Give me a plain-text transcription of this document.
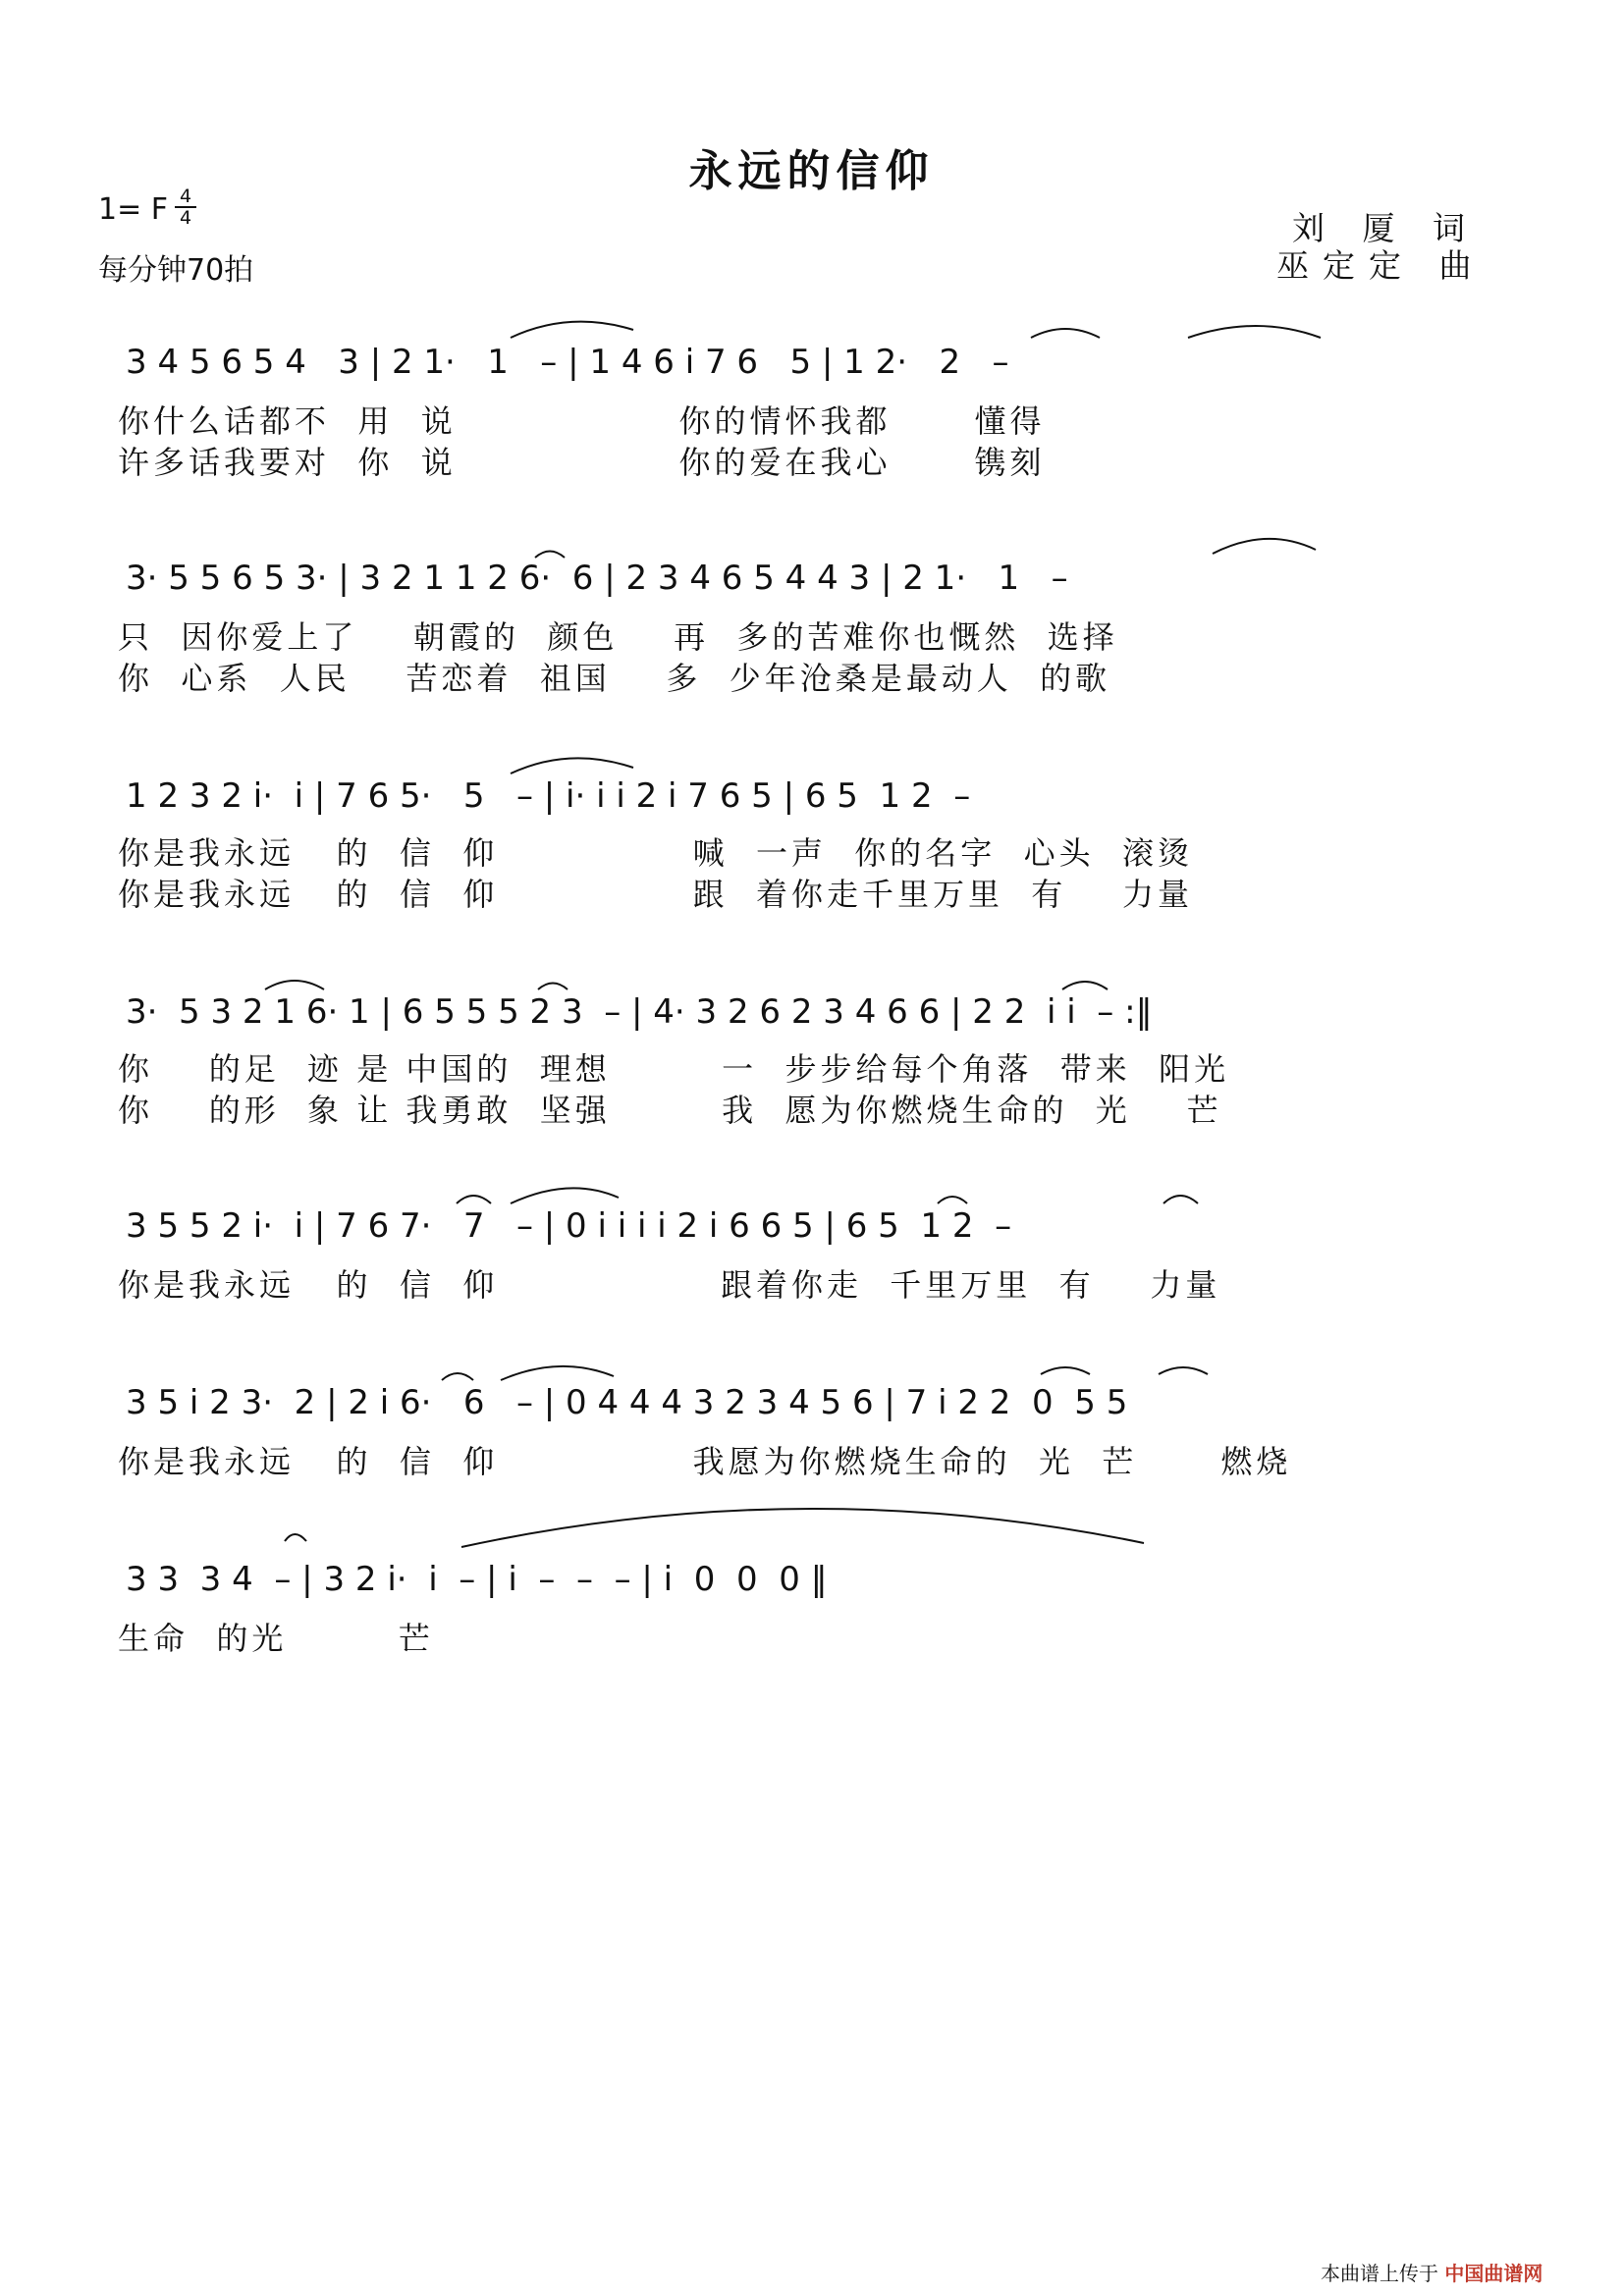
永远的信仰
1= F $\frac{4}{4}$
每分钟70拍
刘 厦 词
巫定定 曲
3 4 5 6 5 4   3 | 2 1·   1   – | 1 4 6 i 7 6   5 | 1 2·   2   –
你什么话都不  用  说                你的情怀我都      懂得
许多话我要对  你  说                你的爱在我心      镌刻
3· 5 5 6 5 3· | 3 2 1 1 2 6·  6 | 2 3 4 6 5 4 4 3 | 2 1·   1   –
只  因你爱上了    朝霞的  颜色    再  多的苦难你也慨然  选择
你  心系  人民    苦恋着  祖国    多  少年沧桑是最动人  的歌
1 2 3 2 i·  i | 7 6 5·   5   – | i· i i 2 i 7 6 5 | 6 5  1 2  –
你是我永远   的  信  仰              喊  一声  你的名字  心头  滚烫
你是我永远   的  信  仰              跟  着你走千里万里  有    力量
3·  5 3 2 1 6· 1 | 6 5 5 5 2 3  – | 4· 3 2 6 2 3 4 6 6 | 2 2  i i  – :‖
你    的足  迹 是 中国的  理想        一  步步给每个角落  带来  阳光
你    的形  象 让 我勇敢  坚强        我  愿为你燃烧生命的  光    芒
3 5 5 2 i·  i | 7 6 7·   7   – | 0 i i i i 2 i 6 6 5 | 6 5  1 2  –
你是我永远   的  信  仰                跟着你走  千里万里  有    力量
3 5 i 2 3·  2 | 2 i 6·   6   – | 0 4 4 4 3 2 3 4 5 6 | 7 i 2 2  0  5 5
你是我永远   的  信  仰              我愿为你燃烧生命的  光  芒      燃烧
3 3  3 4  – | 3 2 i·  i  – | i  –  –  – | i  0  0  0 ‖
生命  的光        芒
本曲谱上传于 中国曲谱网
